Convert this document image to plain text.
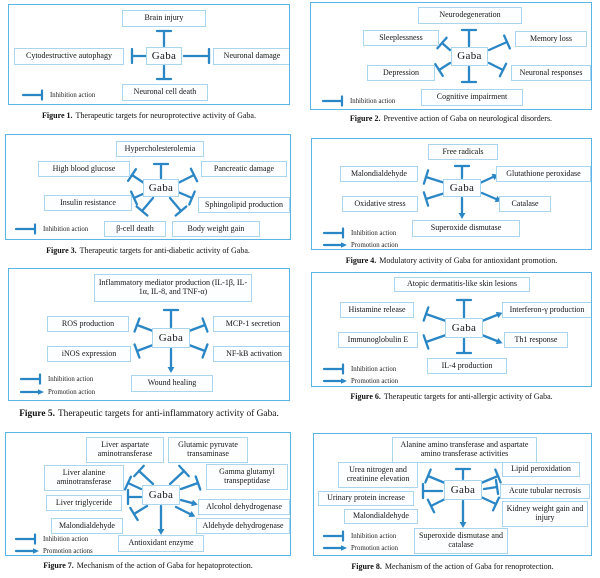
Brain injury
Cytodestructive autophagy	Gaba	Neuronal damage
Neuronal cell death
Inhibition action
Figure 1. Therapeutic targets for neuroprotective activity of Gaba.
Neurodegeneration
Sleeplessness	Memory loss
Gaba
Depression	Neuronal responses
Cognitive impairment
Inhibition action
Figure 2. Preventive action of Gaba on neurological disorders.
Hypercholesterolemia
High blood glucose	Pancreatic damage
Gaba
Insulin resistance	Sphingolipid production
β-cell death	Body weight gain
Inhibition action
Figure 3. Therapeutic targets for anti-diabetic activity of Gaba.
Free radicals
Malondialdehyde	Glutathione peroxidase
Gaba
Oxidative stress	Catalase
Superoxide dismutase
Inhibition action
Promotion action
Figure 4. Modulatory activity of Gaba for antioxidant promotion.
Inflammatory mediator production (IL-1β, IL-1α, IL-8, and TNF-α)
ROS production	MCP-1 secretion
Gaba
iNOS expression	NF-kB activation
Wound healing
Inhibition action
Promotion action
Figure 5. Therapeutic targets for anti-inflammatory activity of Gaba.
Atopic dermatitis-like skin lesions
Histamine release	Interferon-γ production
Gaba
Immunoglobulin E	Th1 response
IL-4 production
Inhibition action
Promotion action
Figure 6. Therapeutic targets for anti-allergic activity of Gaba.
Liver aspartate aminotransferase
Glutamic pyruvate transaminase
Liver alanine aminotransferase
Gamma glutamyl transpeptidase
Gaba
Liver triglyceride	Alcohol dehydrogenase
Malondialdehyde	Aldehyde dehydrogenase
Antioxidant enzyme
Inhibition action
Promotion actions
Figure 7. Mechanism of the action of Gaba for hepatoprotection.
Alanine amino transferase and aspartate amino transferase activities
Urea nitrogen and creatinine elevation
Lipid peroxidation
Gaba
Urinary protein increase
Acute tubular necrosis
Malondialdehyde
Kidney weight gain and injury
Superoxide dismutase and catalase
Inhibition action
Promotion action
Figure 8. Mechanism of the action of Gaba for renoprotection.
